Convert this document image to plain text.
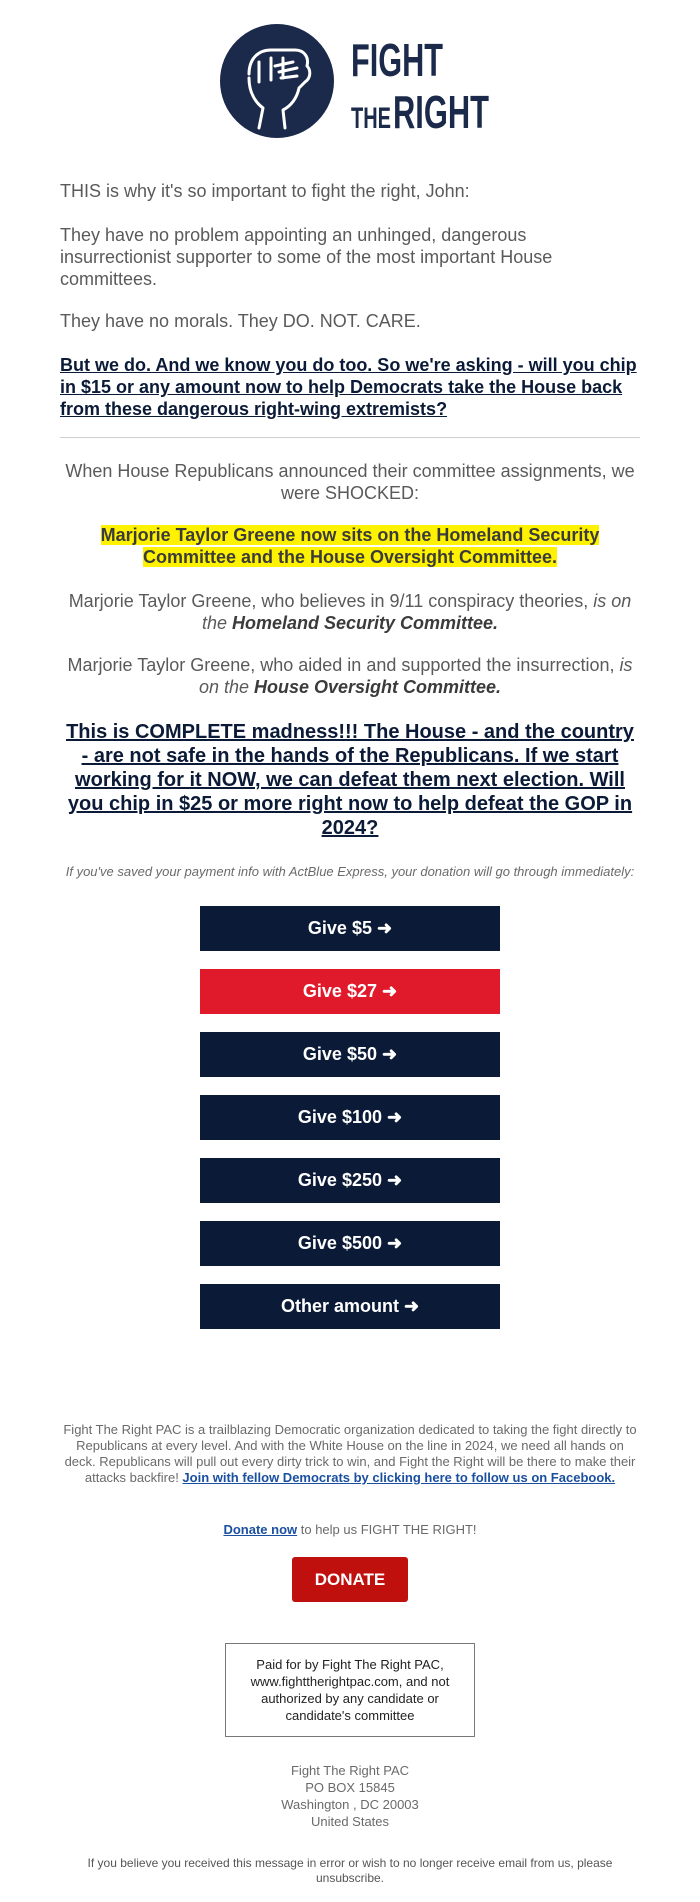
FIGHT
THE RIGHT

THIS is why it's so important to fight the right, John:

They have no problem appointing an unhinged, dangerous insurrectionist supporter to some of the most important House committees.

They have no morals. They DO. NOT. CARE.

But we do. And we know you do too. So we're asking - will you chip in $15 or any amount now to help Democrats take the House back from these dangerous right-wing extremists?

When House Republicans announced their committee assignments, we were SHOCKED:

Marjorie Taylor Greene now sits on the Homeland Security Committee and the House Oversight Committee.

Marjorie Taylor Greene, who believes in 9/11 conspiracy theories, is on the Homeland Security Committee.

Marjorie Taylor Greene, who aided in and supported the insurrection, is on the House Oversight Committee.

This is COMPLETE madness!!! The House - and the country - are not safe in the hands of the Republicans. If we start working for it NOW, we can defeat them next election. Will you chip in $25 or more right now to help defeat the GOP in 2024?

If you've saved your payment info with ActBlue Express, your donation will go through immediately:

Give $5 ➜
Give $27 ➜
Give $50 ➜
Give $100 ➜
Give $250 ➜
Give $500 ➜
Other amount ➜

Fight The Right PAC is a trailblazing Democratic organization dedicated to taking the fight directly to Republicans at every level. And with the White House on the line in 2024, we need all hands on deck. Republicans will pull out every dirty trick to win, and Fight the Right will be there to make their attacks backfire! Join with fellow Democrats by clicking here to follow us on Facebook.

Donate now to help us FIGHT THE RIGHT!

DONATE
Paid for by Fight The Right PAC, www.fighttherightpac.com, and not authorized by any candidate or candidate's committee
Fight The Right PAC
PO BOX 15845
Washington , DC 20003
United States

If you believe you received this message in error or wish to no longer receive email from us, please unsubscribe.
